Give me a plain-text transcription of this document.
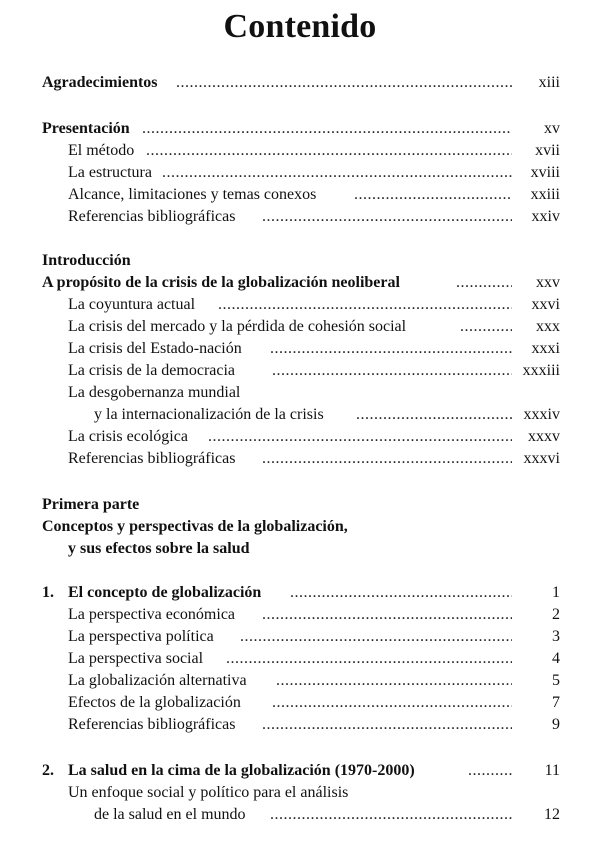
Contenido
Agradecimientos .....	xiii
Presentación .....	xv
El método .....	xvii
La estructura .....	xviii
Alcance, limitaciones y temas conexos .....	xxiii
Referencias bibliográficas .....	xxiv
Introducción
A propósito de la crisis de la globalización neoliberal .....	xxv
La coyuntura actual .....	xxvi
La crisis del mercado y la pérdida de cohesión social .....	xxx
La crisis del Estado-nación .....	xxxi
La crisis de la democracia .....	xxxiii
La desgobernanza mundial
y la internacionalización de la crisis .....	xxxiv
La crisis ecológica .....	xxxv
Referencias bibliográficas .....	xxxvi
Primera parte
Conceptos y perspectivas de la globalización,
y sus efectos sobre la salud
1. El concepto de globalización .....	1
La perspectiva económica .....	2
La perspectiva política .....	3
La perspectiva social .....	4
La globalización alternativa .....	5
Efectos de la globalización .....	7
Referencias bibliográficas .....	9
2. La salud en la cima de la globalización (1970-2000) .....	11
Un enfoque social y político para el análisis
de la salud en el mundo .....	12
